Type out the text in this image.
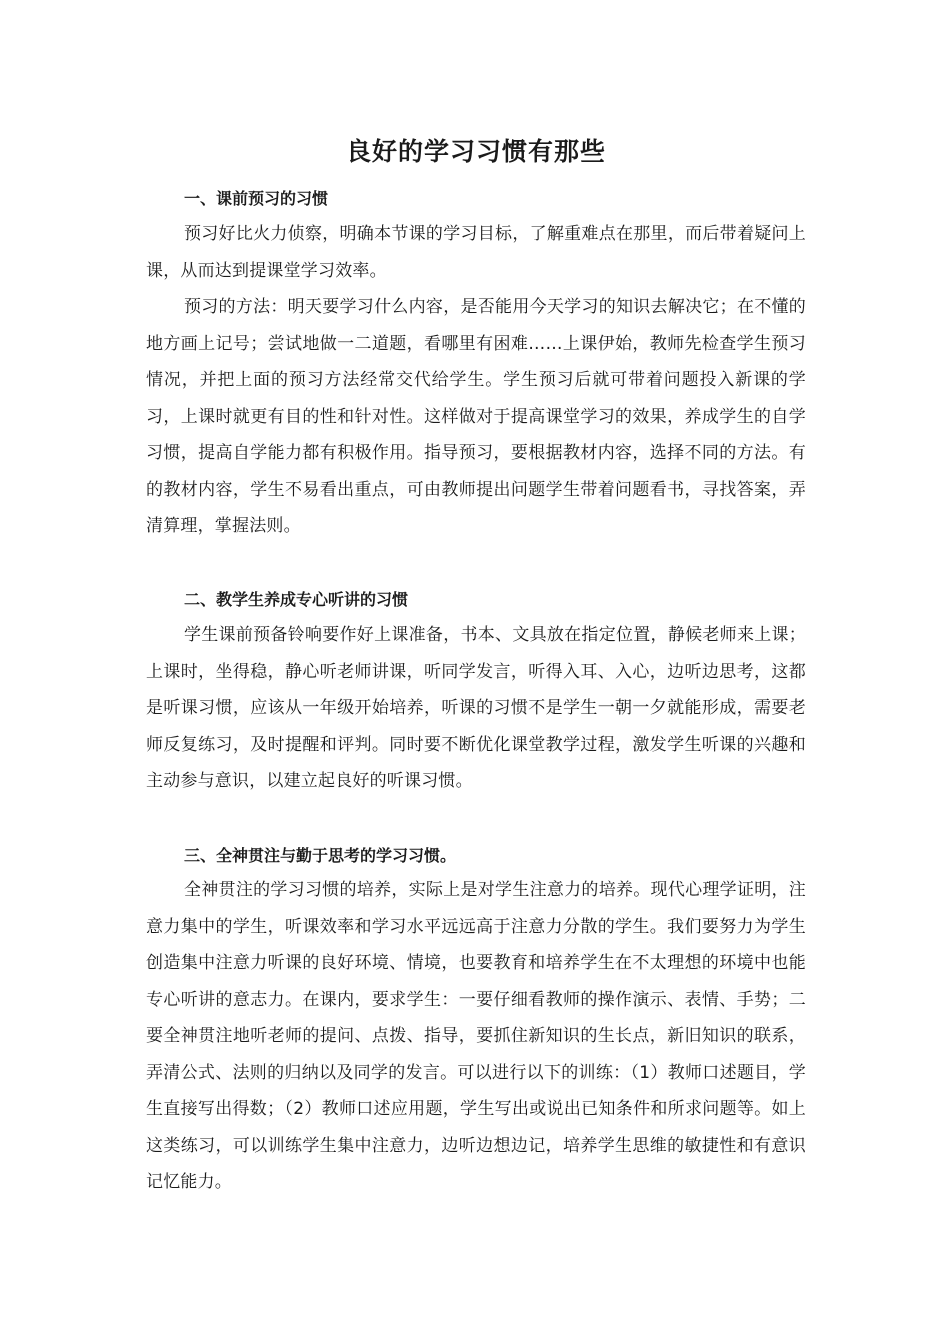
良好的学习习惯有那些
一、课前预习的习惯

预习好比火力侦察，明确本节课的学习目标，了解重难点在那里，而后带着疑问上课，从而达到提课堂学习效率。

预习的方法：明天要学习什么内容，是否能用今天学习的知识去解决它；在不懂的地方画上记号；尝试地做一二道题，看哪里有困难……上课伊始，教师先检查学生预习情况，并把上面的预习方法经常交代给学生。学生预习后就可带着问题投入新课的学习，上课时就更有目的性和针对性。这样做对于提高课堂学习的效果，养成学生的自学习惯，提高自学能力都有积极作用。指导预习，要根据教材内容，选择不同的方法。有的教材内容，学生不易看出重点，可由教师提出问题学生带着问题看书，寻找答案，弄清算理，掌握法则。

二、教学生养成专心听讲的习惯

学生课前预备铃响要作好上课准备，书本、文具放在指定位置，静候老师来上课；上课时，坐得稳，静心听老师讲课，听同学发言，听得入耳、入心，边听边思考，这都是听课习惯，应该从一年级开始培养，听课的习惯不是学生一朝一夕就能形成，需要老师反复练习，及时提醒和评判。同时要不断优化课堂教学过程，激发学生听课的兴趣和主动参与意识，以建立起良好的听课习惯。

三、全神贯注与勤于思考的学习习惯。

全神贯注的学习习惯的培养，实际上是对学生注意力的培养。现代心理学证明，注意力集中的学生，听课效率和学习水平远远高于注意力分散的学生。我们要努力为学生创造集中注意力听课的良好环境、情境，也要教育和培养学生在不太理想的环境中也能专心听讲的意志力。在课内，要求学生：一要仔细看教师的操作演示、表情、手势；二要全神贯注地听老师的提问、点拨、指导，要抓住新知识的生长点，新旧知识的联系，弄清公式、法则的归纳以及同学的发言。可以进行以下的训练：（1）教师口述题目，学生直接写出得数；（2）教师口述应用题，学生写出或说出已知条件和所求问题等。如上这类练习，可以训练学生集中注意力，边听边想边记，培养学生思维的敏捷性和有意识记忆能力。
